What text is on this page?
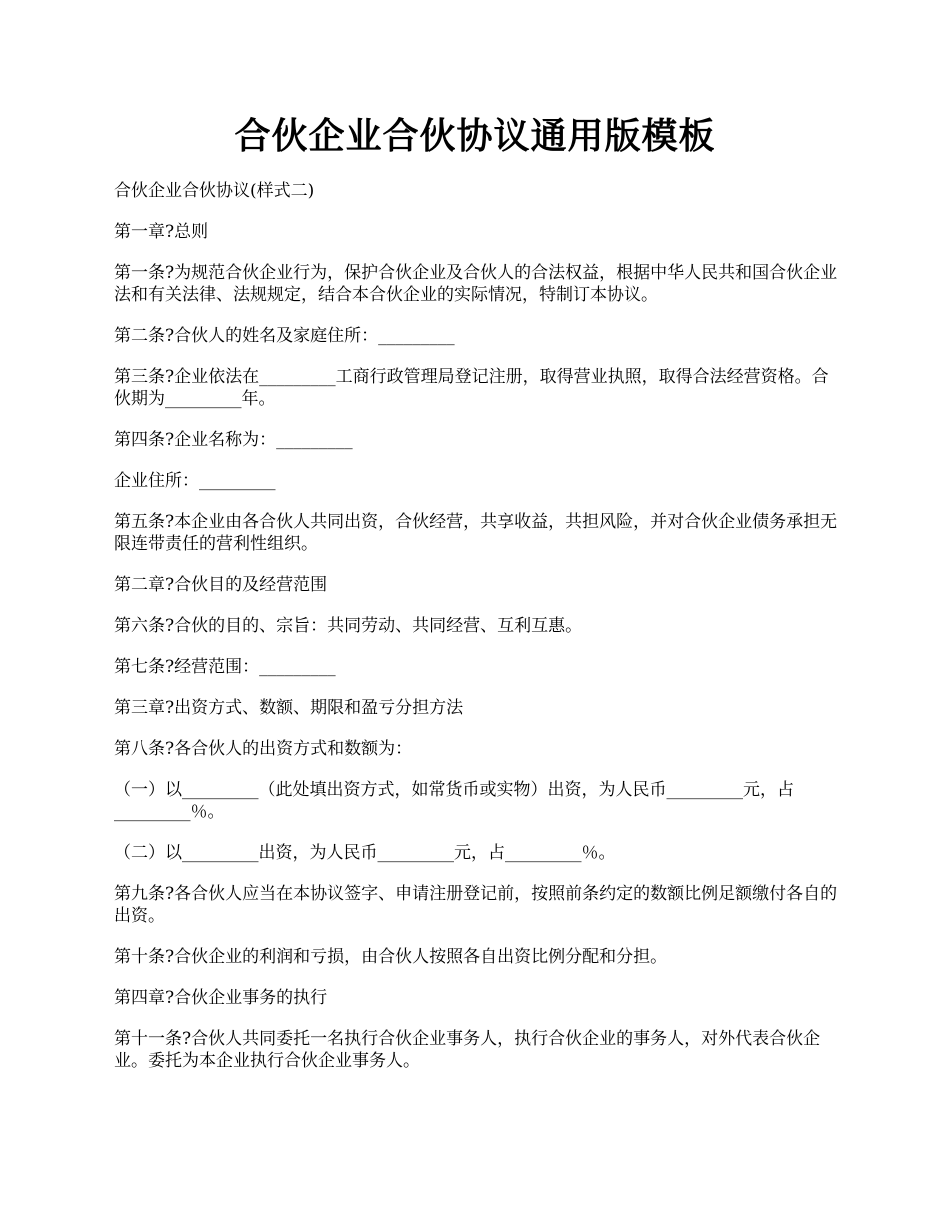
合伙企业合伙协议通用版模板

合伙企业合伙协议(样式二)

第一章?总则

第一条?为规范合伙企业行为，保护合伙企业及合伙人的合法权益，根据中华人民共和国合伙企业法和有关法律、法规规定，结合本合伙企业的实际情况，特制订本协议。

第二条?合伙人的姓名及家庭住所：_________

第三条?企业依法在_________工商行政管理局登记注册，取得营业执照，取得合法经营资格。合伙期为_________年。

第四条?企业名称为：_________

企业住所：_________

第五条?本企业由各合伙人共同出资，合伙经营，共享收益，共担风险，并对合伙企业债务承担无限连带责任的营利性组织。

第二章?合伙目的及经营范围

第六条?合伙的目的、宗旨：共同劳动、共同经营、互利互惠。

第七条?经营范围：_________

第三章?出资方式、数额、期限和盈亏分担方法

第八条?各合伙人的出资方式和数额为：

（一）以_________（此处填出资方式，如常货币或实物）出资，为人民币_________元，占_________％。

（二）以_________出资，为人民币_________元，占_________％。

第九条?各合伙人应当在本协议签字、申请注册登记前，按照前条约定的数额比例足额缴付各自的出资。

第十条?合伙企业的利润和亏损，由合伙人按照各自出资比例分配和分担。

第四章?合伙企业事务的执行

第十一条?合伙人共同委托一名执行合伙企业事务人，执行合伙企业的事务人，对外代表合伙企业。委托为本企业执行合伙企业事务人。
